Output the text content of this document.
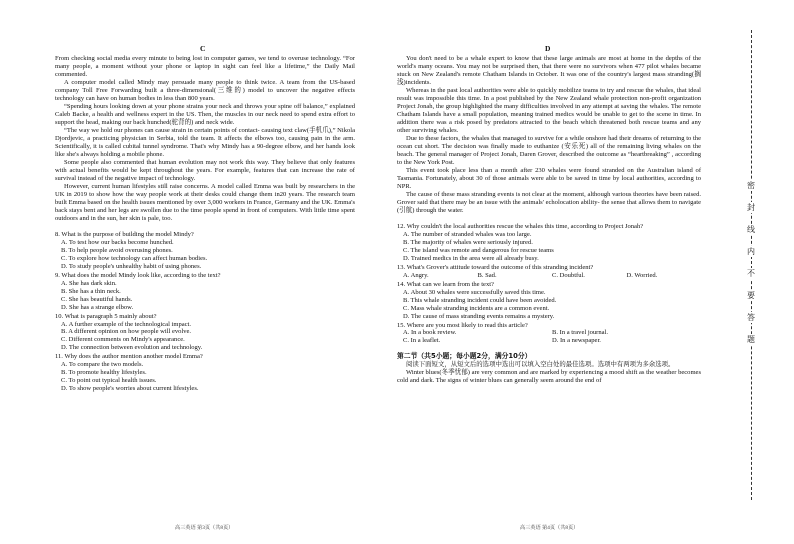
C

From checking social media every minute to being lost in computer games, we tend to overuse technology. “For many people, a moment without your phone or laptop in sight can feel like a lifetime,” the Daily Mail commented.

A computer model called Mindy may persuade many people to think twice. A team from the US-based company Toll Free Forwarding built a three-dimensional(三维的) model to uncover the negative effects technology can have on human bodies in less than 800 years.

“Spending hours looking down at your phone strains your neck and throws your spine off balance,” explained Caleb Backe, a health and wellness expert in the US. Then, the muscles in our neck need to spend extra effort to support the head, making our back hunched(驼背的) and neck wide.

“The way we hold our phones can cause strain in certain points of contact- causing text claw(手机爪),” Nikola Djordjevic, a practicing physician in Serbia, told the team. It affects the elbows too, causing pain in the arm. Scientifically, it is called cubital tunnel syndrome. That's why Mindy has a 90-degree elbow, and her hands look like she's always holding a mobile phone.

Some people also commented that human evolution may not work this way. They believe that only features with actual benefits would be kept throughout the years. For example, features that can increase the rate of survival instead of the negative impact of technology.

However, current human lifestyles still raise concerns. A model called Emma was built by researchers in the UK in 2019 to show how the way people work at their desks could change them in20 years. The research team built Emma based on the health issues mentioned by over 3,000 workers in France, Germany and the UK. Emma's back stays bent and her legs are swollen due to the time people spend in front of computers. With little time spent outdoors and in the sun, her skin is pale, too.

8. What is the purpose of building the model Mindy?
A. To test how our backs become hunched.
B. To help people avoid overusing phones.
C. To explore how technology can affect human bodies.
D. To study people's unhealthy habit of using phones.
9. What does the model Mindy look like, according to the text?
A. She has dark skin.
B. She has a thin neck.
C. She has beautiful hands.
D. She has a strange elbow.
10. What is paragraph 5 mainly about?
A. A further example of the technological impact.
B. A different opinion on how people will evolve.
C. Different comments on Mindy's appearance.
D. The connection between evolution and technology.
11. Why does the author mention another model Emma?
A. To compare the two models.
B. To promote healthy lifestyles.
C. To point out typical health issues.
D. To show people's worries about current lifestyles.
高三英语 第3页（共8页）
D

You don't need to be a whale expert to know that these large animals are most at home in the depths of the world's many oceans. You may not be surprised then, that there were no survivors when 477 pilot whales became stuck on New Zealand's remote Chatham Islands in October. It was one of the country's largest mass stranding(搁浅)incidents.

Whereas in the past local authorities were able to quickly mobilize teams to try and rescue the whales, that ideal result was impossible this time. In a post published by the New Zealand whale protection non-profit organization Project Jonah, the group highlighted the many difficulties involved in any attempt at saving the whales. The remote Chatham Islands have a small population, meaning trained medics would be unable to get to the scene in time. In addition there was a risk posed by predators attracted to the beach which threatened both rescue teams and any other surviving whales.

Due to these factors, the whales that managed to survive for a while onshore had their dreams of returning to the ocean cut short. The decision was finally made to euthanize (安乐死) all of the remaining living whales on the beach. The general manager of Project Jonah, Daren Grover, described the outcome as “heartbreaking” , according to the New York Post.

This event took place less than a month after 230 whales were found stranded on the Australian island of Tasmania. Fortunately, about 30 of those animals were able to be saved in time by local authorities, according to NPR.

The cause of these mass stranding events is not clear at the moment, although various theories have been raised. Grover said that there may be an issue with the animals' echolocation ability- the sense that allows them to navigate (引航) through the water.

12. Why couldn't the local authorities rescue the whales this time, according to Project Jonah?
A. The number of stranded whales was too large.
B. The majority of whales were seriously injured.
C. The island was remote and dangerous for rescue teams
D. Trained medics in the area were all already busy.
13. What's Grover's attitude toward the outcome of this stranding incident?
A. Angry.	B. Sad.	C. Doubtful.	D. Worried.
14. What can we learn from the text?
A. About 30 whales were successfully saved this time.
B. This whale stranding incident could have been avoided.
C. Mass whale stranding incidents are a common event.
D. The cause of mass stranding events remains a mystery.
15. Where are you most likely to read this article?
A. In a book review.	B. In a travel journal.
C. In a leaflet.	D. In a newspaper.
第二节（共5小题；每小题2分，满分10分）

阅读下面短文，从短文后的选项中选出可以填入空白处的最佳选项。选项中有两项为多余选项。

Winter blues(冬季忧郁) are very common and are marked by experiencing a mood shift as the weather becomes cold and dark. The signs of winter blues can generally seem around the end of

高三英语 第4页（共8页）
密
封
线
内
不
要
答
题
